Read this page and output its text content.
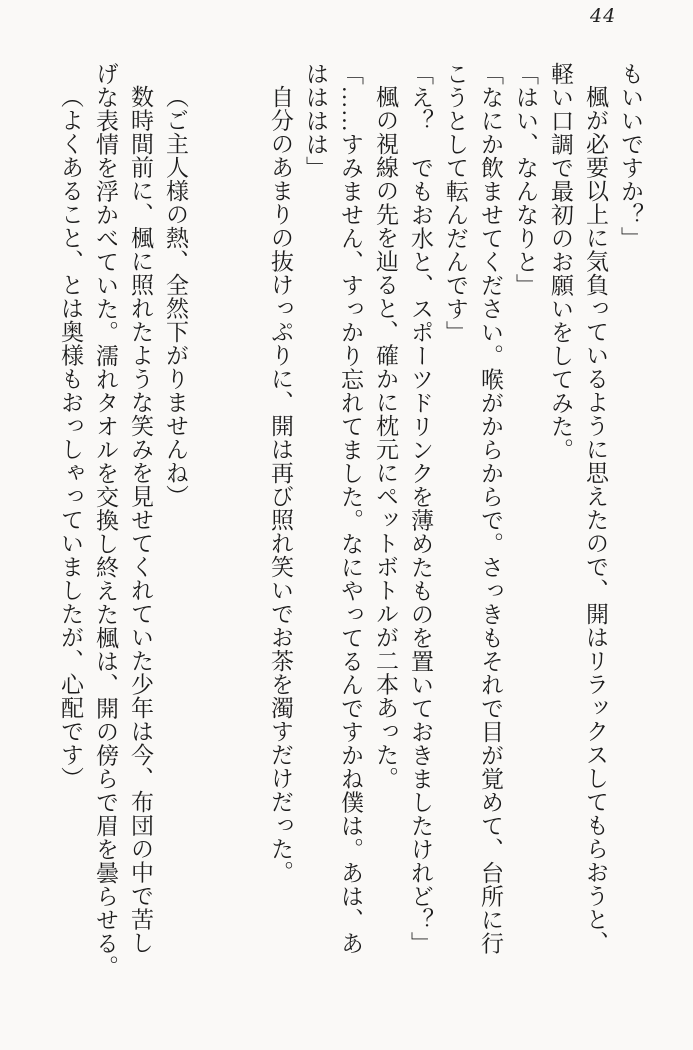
44

もいいですか？」

楓が必要以上に気負っているように思えたので、開はリラックスしてもらおうと、

軽い口調で最初のお願いをしてみた。

「はい、なんなりと」

「なにか飲ませてください。喉がからからで。さっきもそれで目が覚めて、台所に行

こうとして転んだんです」

「え？　でもお水と、スポーツドリンクを薄めたものを置いておきましたけれど？」

楓の視線の先を辿ると、確かに枕元にペットボトルが二本あった。

「……すみません、すっかり忘れてました。なにやってるんですかね僕は。あは、あ

はははは」

自分のあまりの抜けっぷりに、開は再び照れ笑いでお茶を濁すだけだった。

（ご主人様の熱、全然下がりませんね）

数時間前に、楓に照れたような笑みを見せてくれていた少年は今、布団の中で苦し

げな表情を浮かべていた。濡れタオルを交換し終えた楓は、開の傍らで眉を曇らせる。

（よくあること、とは奥様もおっしゃっていましたが、心配です）
